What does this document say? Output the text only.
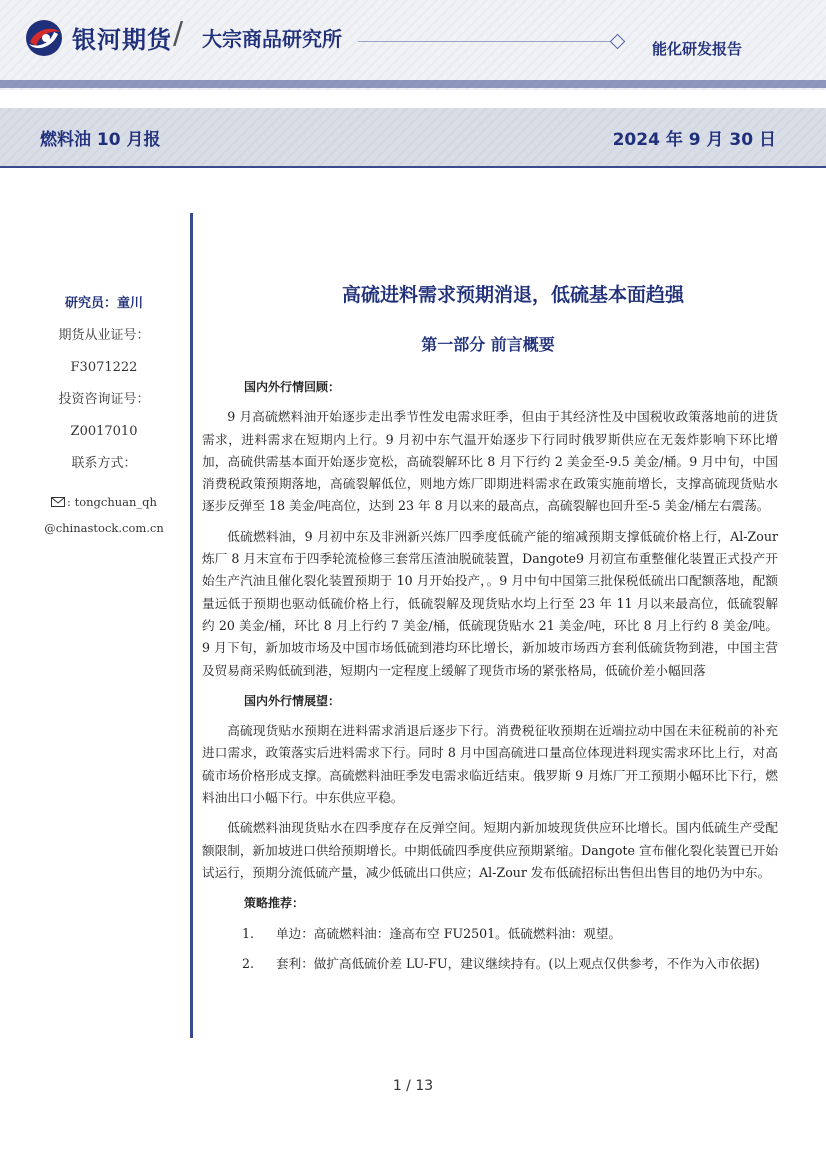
银河期货 / 大宗商品研究所	能化研发报告
燃料油 10 月报	2024 年 9 月 30 日
研究员：童川
期货从业证号：
F3071222
投资咨询证号：
Z0017010
联系方式：
: tongchuan_qh
@chinastock.com.cn
高硫进料需求预期消退，低硫基本面趋强
第一部分 前言概要

国内外行情回顾：

9 月高硫燃料油开始逐步走出季节性发电需求旺季，但由于其经济性及中国税收政策落地前的进货需求，进料需求在短期内上行。9 月初中东气温开始逐步下行同时俄罗斯供应在无轰炸影响下环比增加，高硫供需基本面开始逐步宽松，高硫裂解环比 8 月下行约 2 美金至-9.5 美金/桶。9 月中旬，中国消费税政策预期落地，高硫裂解低位，则地方炼厂即期进料需求在政策实施前增长，支撑高硫现货贴水逐步反弹至 18 美金/吨高位，达到 23 年 8 月以来的最高点，高硫裂解也回升至-5 美金/桶左右震荡。

低硫燃料油，9 月初中东及非洲新兴炼厂四季度低硫产能的缩减预期支撑低硫价格上行，Al-Zour 炼厂 8 月末宣布于四季轮流检修三套常压渣油脱硫装置，Dangote9 月初宣布重整催化装置正式投产开始生产汽油且催化裂化装置预期于 10 月开始投产，。9 月中旬中国第三批保税低硫出口配额落地，配额量远低于预期也驱动低硫价格上行，低硫裂解及现货贴水均上行至 23 年 11 月以来最高位，低硫裂解约 20 美金/桶，环比 8 月上行约 7 美金/桶，低硫现货贴水 21 美金/吨，环比 8 月上行约 8 美金/吨。9 月下旬，新加坡市场及中国市场低硫到港均环比增长，新加坡市场西方套利低硫货物到港，中国主营及贸易商采购低硫到港，短期内一定程度上缓解了现货市场的紧张格局，低硫价差小幅回落

国内外行情展望：

高硫现货贴水预期在进料需求消退后逐步下行。消费税征收预期在近端拉动中国在未征税前的补充进口需求，政策落实后进料需求下行。同时 8 月中国高硫进口量高位体现进料现实需求环比上行，对高硫市场价格形成支撑。高硫燃料油旺季发电需求临近结束。俄罗斯 9 月炼厂开工预期小幅环比下行，燃料油出口小幅下行。中东供应平稳。

低硫燃料油现货贴水在四季度存在反弹空间。短期内新加坡现货供应环比增长。国内低硫生产受配额限制，新加坡进口供给预期增长。中期低硫四季度供应预期紧缩。Dangote 宣布催化裂化装置已开始试运行，预期分流低硫产量，减少低硫出口供应；Al-Zour 发布低硫招标出售但出售目的地仍为中东。

策略推荐：

1. 单边：高硫燃料油：逢高布空 FU2501。低硫燃料油：观望。

2. 套利：做扩高低硫价差 LU-FU，建议继续持有。(以上观点仅供参考，不作为入市依据)

1 / 13
